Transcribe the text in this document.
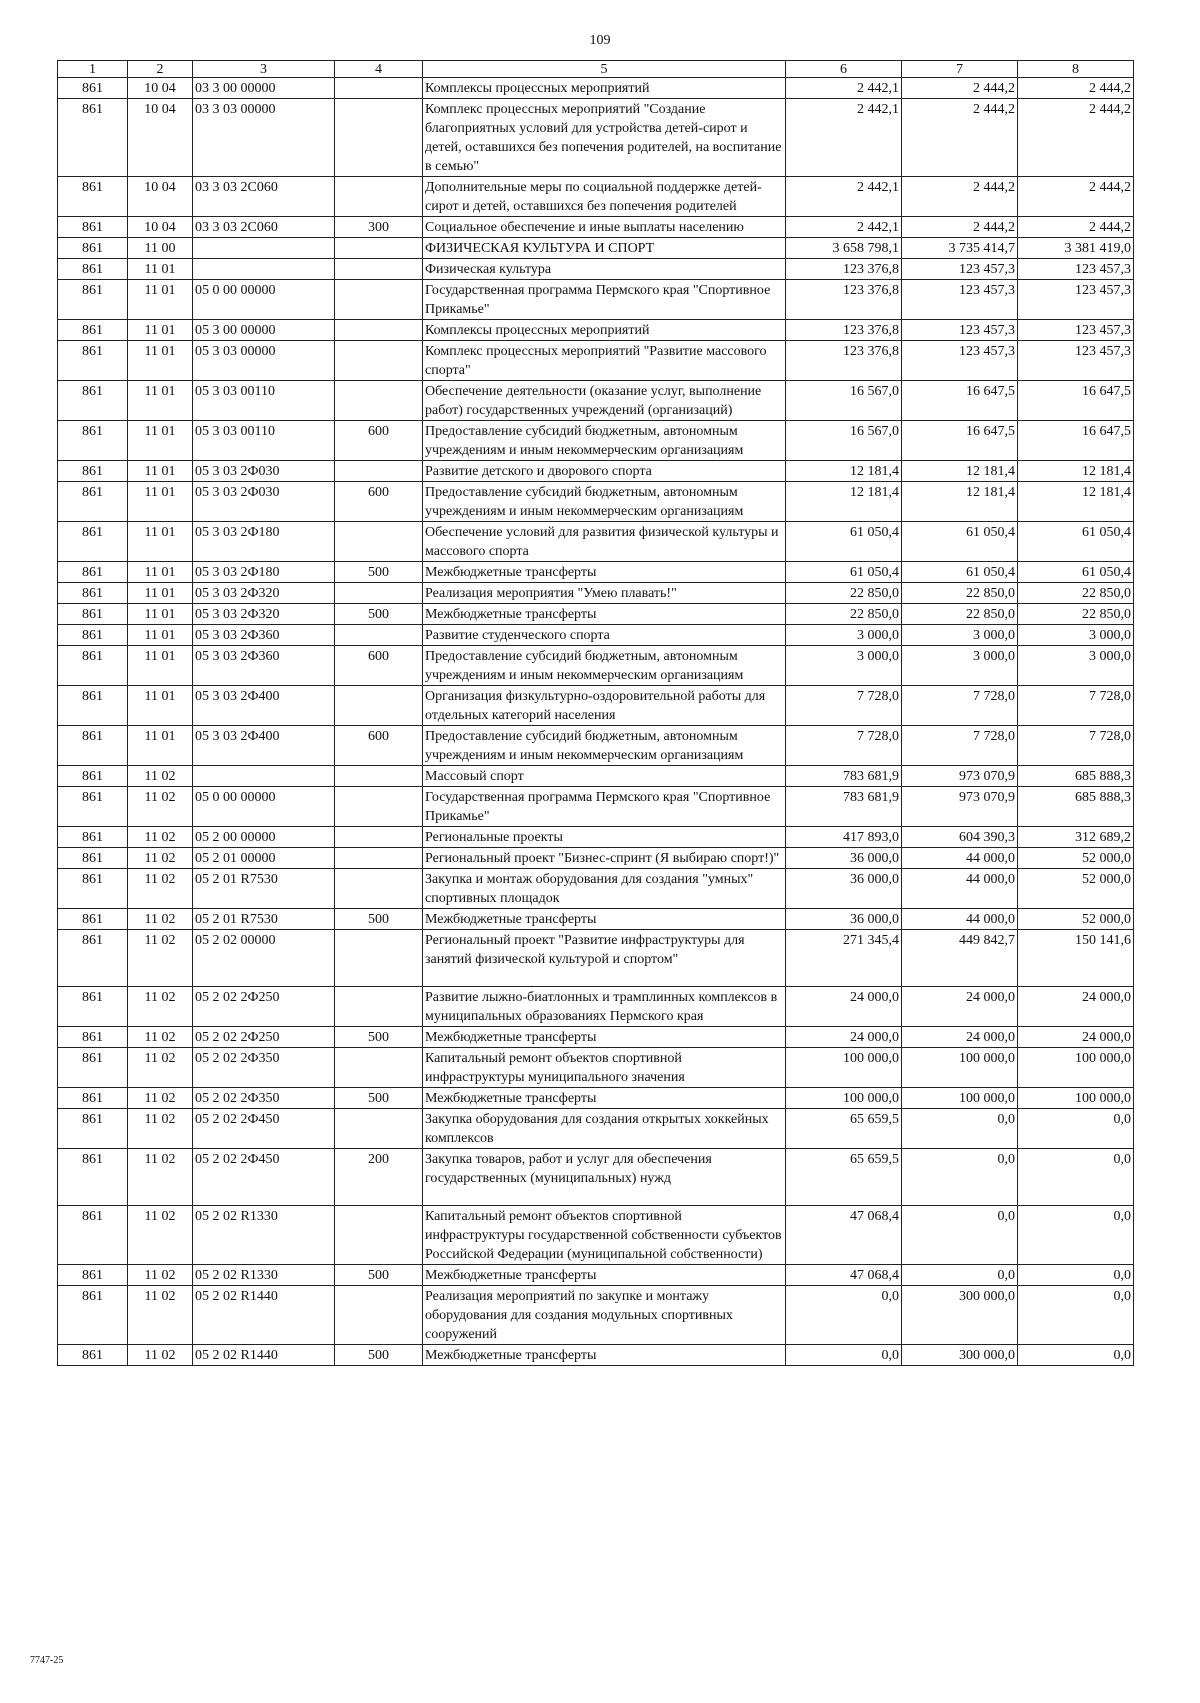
109
1	2	3	4	5	6	7	8
861	10 04	03 3 00 00000		Комплексы процессных мероприятий	2 442,1	2 444,2	2 444,2
861	10 04	03 3 03 00000		Комплекс процессных мероприятий "Создание благоприятных условий для устройства детей-сирот и детей, оставшихся без попечения родителей, на воспитание в семью"	2 442,1	2 444,2	2 444,2
861	10 04	03 3 03 2С060		Дополнительные меры по социальной поддержке детей-сирот и детей, оставшихся без попечения родителей	2 442,1	2 444,2	2 444,2
861	10 04	03 3 03 2С060	300	Социальное обеспечение и иные выплаты населению	2 442,1	2 444,2	2 444,2
861	11 00			ФИЗИЧЕСКАЯ КУЛЬТУРА И СПОРТ	3 658 798,1	3 735 414,7	3 381 419,0
861	11 01			Физическая культура	123 376,8	123 457,3	123 457,3
861	11 01	05 0 00 00000		Государственная программа Пермского края "Спортивное Прикамье"	123 376,8	123 457,3	123 457,3
861	11 01	05 3 00 00000		Комплексы процессных мероприятий	123 376,8	123 457,3	123 457,3
861	11 01	05 3 03 00000		Комплекс процессных мероприятий "Развитие массового спорта"	123 376,8	123 457,3	123 457,3
861	11 01	05 3 03 00110		Обеспечение деятельности (оказание услуг, выполнение работ) государственных учреждений (организаций)	16 567,0	16 647,5	16 647,5
861	11 01	05 3 03 00110	600	Предоставление субсидий бюджетным, автономным учреждениям и иным некоммерческим организациям	16 567,0	16 647,5	16 647,5
861	11 01	05 3 03 2Ф030		Развитие детского и дворового спорта	12 181,4	12 181,4	12 181,4
861	11 01	05 3 03 2Ф030	600	Предоставление субсидий бюджетным, автономным учреждениям и иным некоммерческим организациям	12 181,4	12 181,4	12 181,4
861	11 01	05 3 03 2Ф180		Обеспечение условий для развития физической культуры и массового спорта	61 050,4	61 050,4	61 050,4
861	11 01	05 3 03 2Ф180	500	Межбюджетные трансферты	61 050,4	61 050,4	61 050,4
861	11 01	05 3 03 2Ф320		Реализация мероприятия "Умею плавать!"	22 850,0	22 850,0	22 850,0
861	11 01	05 3 03 2Ф320	500	Межбюджетные трансферты	22 850,0	22 850,0	22 850,0
861	11 01	05 3 03 2Ф360		Развитие студенческого спорта	3 000,0	3 000,0	3 000,0
861	11 01	05 3 03 2Ф360	600	Предоставление субсидий бюджетным, автономным учреждениям и иным некоммерческим организациям	3 000,0	3 000,0	3 000,0
861	11 01	05 3 03 2Ф400		Организация физкультурно-оздоровительной работы для отдельных категорий населения	7 728,0	7 728,0	7 728,0
861	11 01	05 3 03 2Ф400	600	Предоставление субсидий бюджетным, автономным учреждениям и иным некоммерческим организациям	7 728,0	7 728,0	7 728,0
861	11 02			Массовый спорт	783 681,9	973 070,9	685 888,3
861	11 02	05 0 00 00000		Государственная программа Пермского края "Спортивное Прикамье"	783 681,9	973 070,9	685 888,3
861	11 02	05 2 00 00000		Региональные проекты	417 893,0	604 390,3	312 689,2
861	11 02	05 2 01 00000		Региональный проект "Бизнес-спринт (Я выбираю спорт!)"	36 000,0	44 000,0	52 000,0
861	11 02	05 2 01 R7530		Закупка и монтаж оборудования для создания "умных" спортивных площадок	36 000,0	44 000,0	52 000,0
861	11 02	05 2 01 R7530	500	Межбюджетные трансферты	36 000,0	44 000,0	52 000,0
861	11 02	05 2 02 00000		Региональный проект "Развитие инфраструктуры для занятий физической культурой и спортом"	271 345,4	449 842,7	150 141,6
861	11 02	05 2 02 2Ф250		Развитие лыжно-биатлонных и трамплинных комплексов в муниципальных образованиях Пермского края	24 000,0	24 000,0	24 000,0
861	11 02	05 2 02 2Ф250	500	Межбюджетные трансферты	24 000,0	24 000,0	24 000,0
861	11 02	05 2 02 2Ф350		Капитальный ремонт объектов спортивной инфраструктуры муниципального значения	100 000,0	100 000,0	100 000,0
861	11 02	05 2 02 2Ф350	500	Межбюджетные трансферты	100 000,0	100 000,0	100 000,0
861	11 02	05 2 02 2Ф450		Закупка оборудования для создания открытых хоккейных комплексов	65 659,5	0,0	0,0
861	11 02	05 2 02 2Ф450	200	Закупка товаров, работ и услуг для обеспечения государственных (муниципальных) нужд	65 659,5	0,0	0,0
861	11 02	05 2 02 R1330		Капитальный ремонт объектов спортивной инфраструктуры государственной собственности субъектов Российской Федерации (муниципальной собственности)	47 068,4	0,0	0,0
861	11 02	05 2 02 R1330	500	Межбюджетные трансферты	47 068,4	0,0	0,0
861	11 02	05 2 02 R1440		Реализация мероприятий по закупке и монтажу оборудования для создания модульных спортивных сооружений	0,0	300 000,0	0,0
861	11 02	05 2 02 R1440	500	Межбюджетные трансферты	0,0	300 000,0	0,0
7747-25
